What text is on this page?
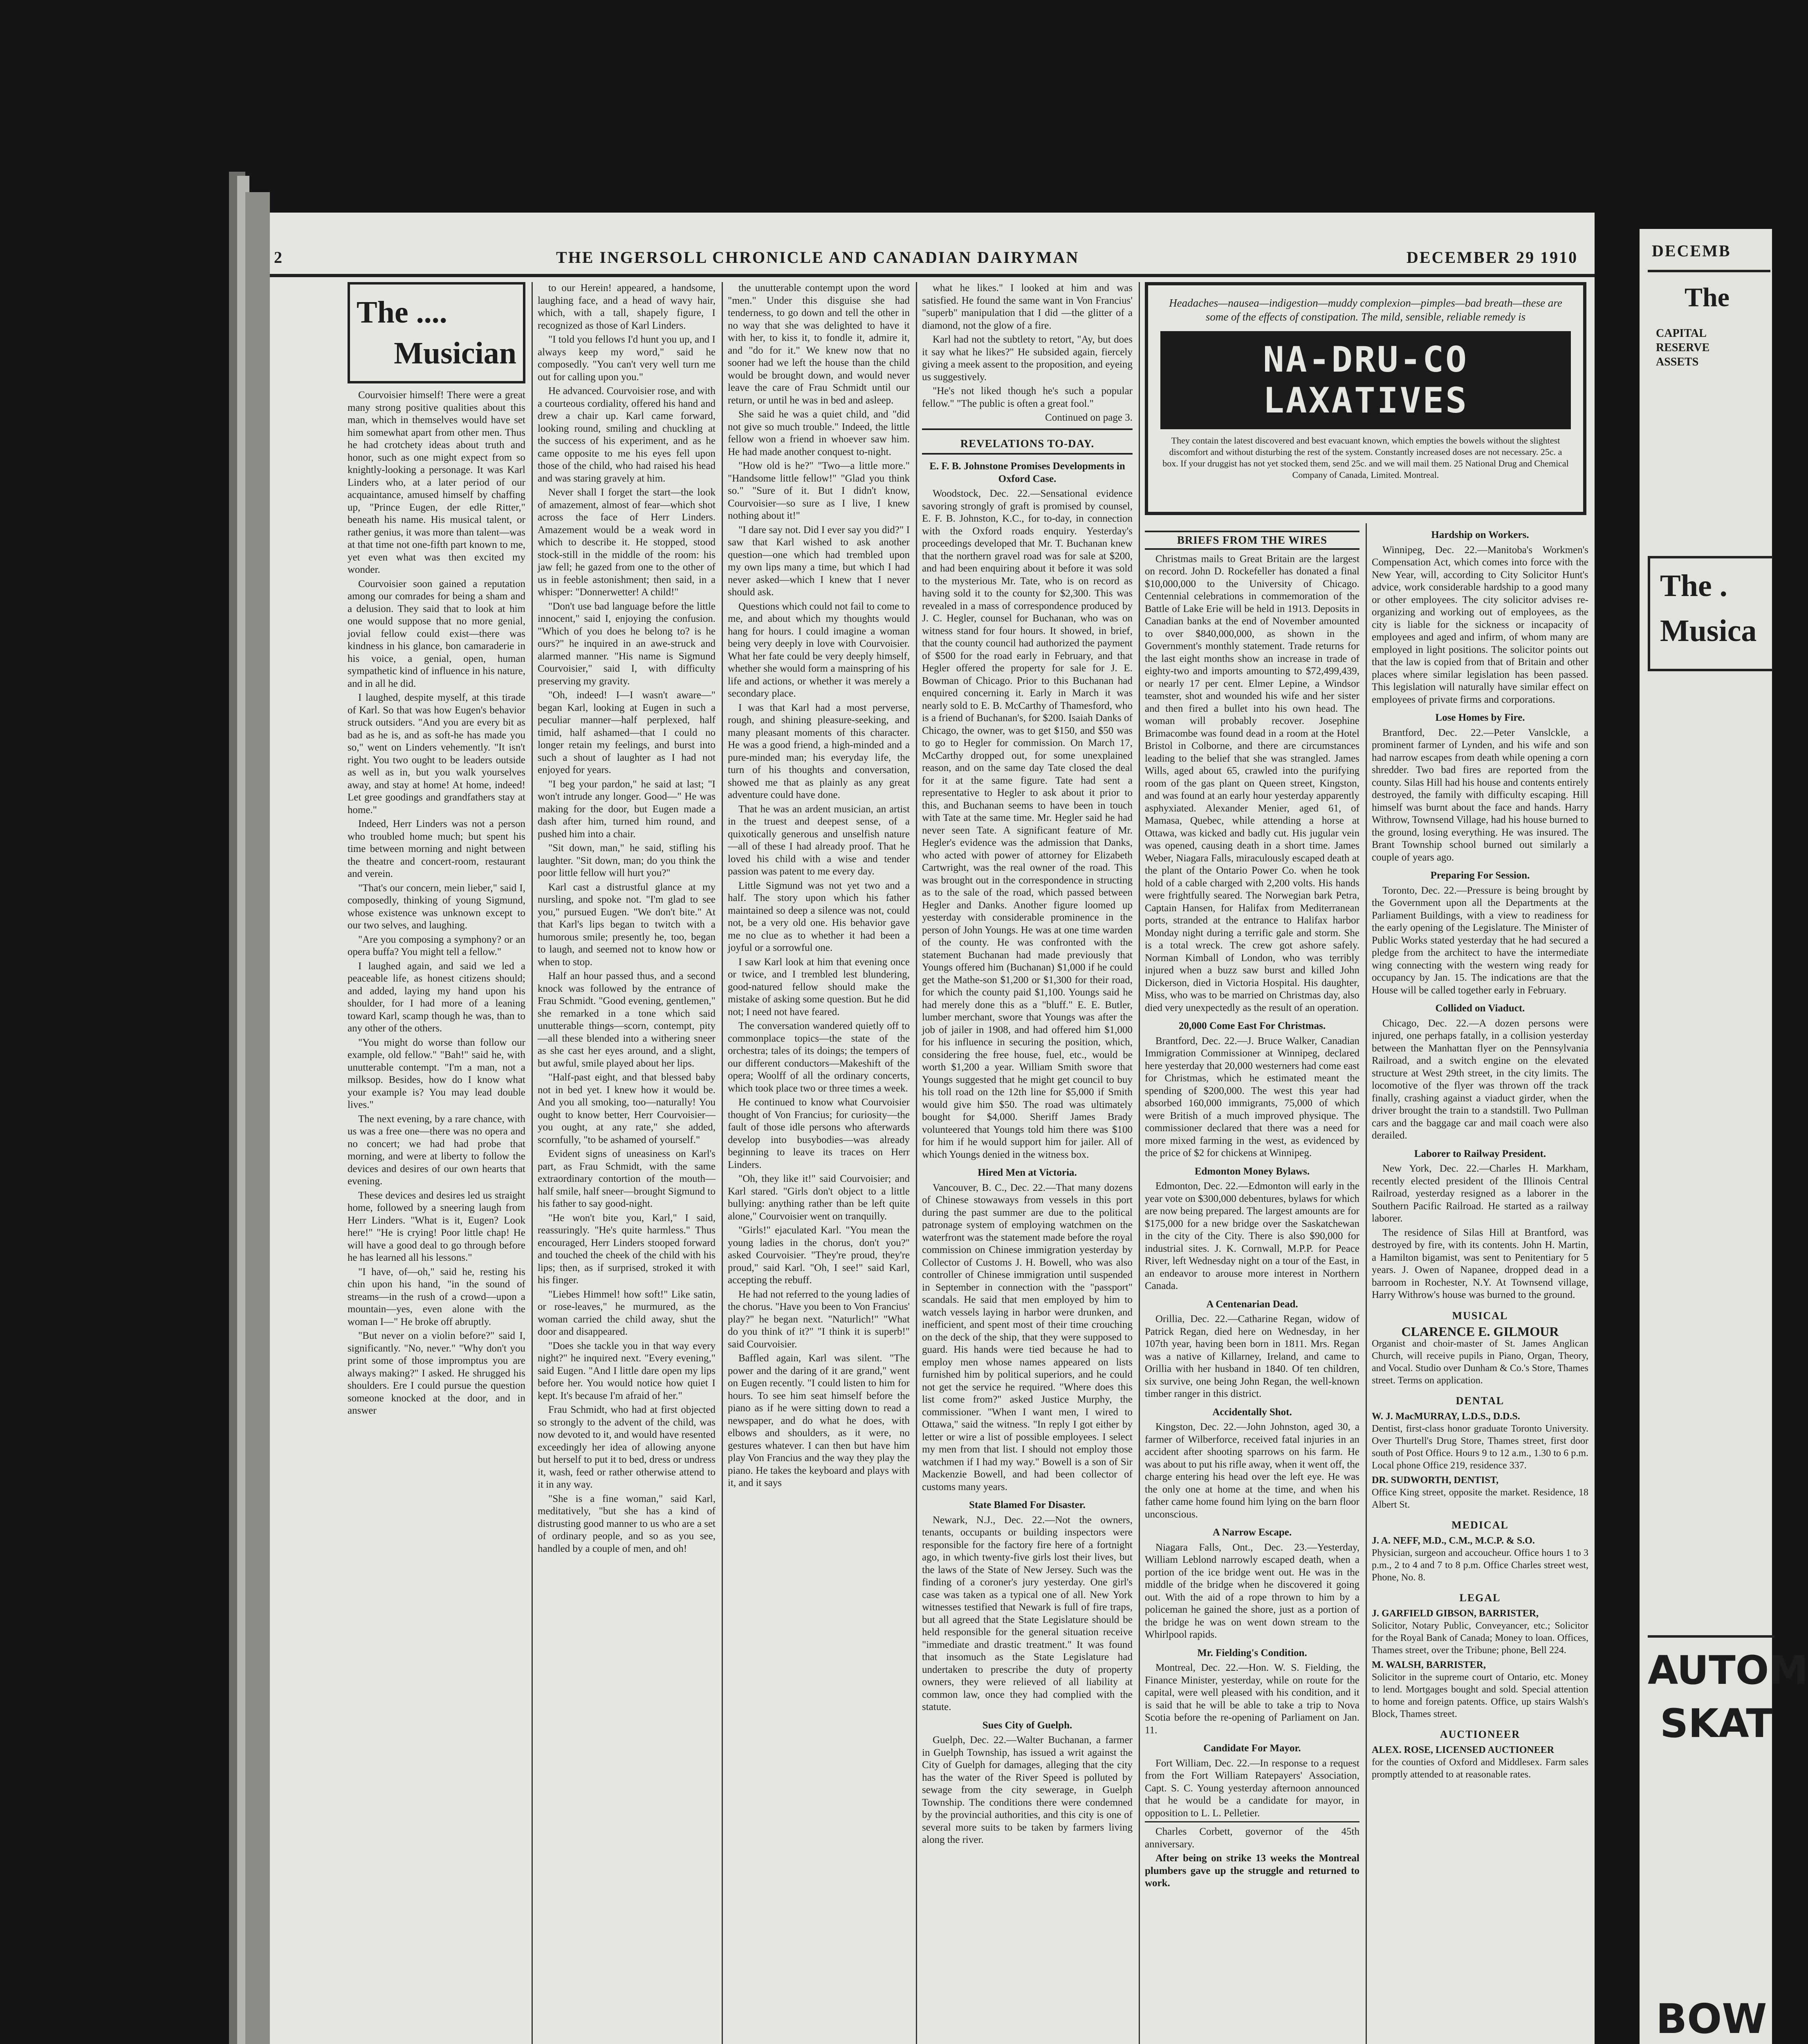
2	THE INGERSOLL CHRONICLE AND CANADIAN DAIRYMAN	DECEMBER 29 1910
The ....
Musician

Courvoisier himself! There were a great many strong positive qualities about this man, which in themselves would have set him somewhat apart from other men. Thus he had crotchety ideas about truth and honor, such as one might expect from so knightly-looking a personage. It was Karl Linders who, at a later period of our acquaintance, amused himself by chaffing up, "Prince Eugen, der edle Ritter," beneath his name. His musical talent, or rather genius, it was more than talent—was at that time not one-fifth part known to me, yet even what was then excited my wonder.

Courvoisier soon gained a reputation among our comrades for being a sham and a delusion. They said that to look at him one would suppose that no more genial, jovial fellow could exist—there was kindness in his glance, bon camaraderie in his voice, a genial, open, human sympathetic kind of influence in his nature, and in all he did.

I laughed, despite myself, at this tirade of Karl. So that was how Eugen's behavior struck outsiders. "And you are every bit as bad as he is, and as soft-he has made you so," went on Linders vehemently. "It isn't right. You two ought to be leaders outside as well as in, but you walk yourselves away, and stay at home! At home, indeed! Let gree goodings and grandfathers stay at home."

Indeed, Herr Linders was not a person who troubled home much; but spent his time between morning and night between the theatre and concert-room, restaurant and verein.

"That's our concern, mein lieber," said I, composedly, thinking of young Sigmund, whose existence was unknown except to our two selves, and laughing.

"Are you composing a symphony? or an opera buffa? You might tell a fellow."

I laughed again, and said we led a peaceable life, as honest citizens should; and added, laying my hand upon his shoulder, for I had more of a leaning toward Karl, scamp though he was, than to any other of the others.

"You might do worse than follow our example, old fellow." "Bah!" said he, with unutterable contempt. "I'm a man, not a milksop. Besides, how do I know what your example is? You may lead double lives."

The next evening, by a rare chance, with us was a free one—there was no opera and no concert; we had had probe that morning, and were at liberty to follow the devices and desires of our own hearts that evening.

These devices and desires led us straight home, followed by a sneering laugh from Herr Linders. "What is it, Eugen? Look here!" "He is crying! Poor little chap! He will have a good deal to go through before he has learned all his lessons."

"I have, of—oh," said he, resting his chin upon his hand, "in the sound of streams—in the rush of a crowd—upon a mountain—yes, even alone with the woman I—" He broke off abruptly.

"But never on a violin before?" said I, significantly. "No, never." "Why don't you print some of those impromptus you are always making?" I asked. He shrugged his shoulders. Ere I could pursue the question someone knocked at the door, and in answer

to our Herein! appeared, a handsome, laughing face, and a head of wavy hair, which, with a tall, shapely figure, I recognized as those of Karl Linders.

"I told you fellows I'd hunt you up, and I always keep my word," said he composedly. "You can't very well turn me out for calling upon you."

He advanced. Courvoisier rose, and with a courteous cordiality, offered his hand and drew a chair up. Karl came forward, looking round, smiling and chuckling at the success of his experiment, and as he came opposite to me his eyes fell upon those of the child, who had raised his head and was staring gravely at him.

Never shall I forget the start—the look of amazement, almost of fear—which shot across the face of Herr Linders. Amazement would be a weak word in which to describe it. He stopped, stood stock-still in the middle of the room: his jaw fell; he gazed from one to the other of us in feeble astonishment; then said, in a whisper: "Donnerwetter! A child!"

"Don't use bad language before the little innocent," said I, enjoying the confusion. "Which of you does he belong to? is he ours?" he inquired in an awe-struck and alarmed manner. "His name is Sigmund Courvoisier," said I, with difficulty preserving my gravity.

"Oh, indeed! I—I wasn't aware—" began Karl, looking at Eugen in such a peculiar manner—half perplexed, half timid, half ashamed—that I could no longer retain my feelings, and burst into such a shout of laughter as I had not enjoyed for years.

"I beg your pardon," he said at last; "I won't intrude any longer. Good—" He was making for the door, but Eugen made a dash after him, turned him round, and pushed him into a chair.

"Sit down, man," he said, stifling his laughter. "Sit down, man; do you think the poor little fellow will hurt you?"

Karl cast a distrustful glance at my nursling, and spoke not. "I'm glad to see you," pursued Eugen. "We don't bite." At that Karl's lips began to twitch with a humorous smile; presently he, too, began to laugh, and seemed not to know how or when to stop.

Half an hour passed thus, and a second knock was followed by the entrance of Frau Schmidt. "Good evening, gentlemen," she remarked in a tone which said unutterable things—scorn, contempt, pity—all these blended into a withering sneer as she cast her eyes around, and a slight, but awful, smile played about her lips.

"Half-past eight, and that blessed baby not in bed yet. I knew how it would be. And you all smoking, too—naturally! You ought to know better, Herr Courvoisier—you ought, at any rate," she added, scornfully, "to be ashamed of yourself."

Evident signs of uneasiness on Karl's part, as Frau Schmidt, with the same extraordinary contortion of the mouth—half smile, half sneer—brought Sigmund to his father to say good-night.

"He won't bite you, Karl," I said, reassuringly. "He's quite harmless." Thus encouraged, Herr Linders stooped forward and touched the cheek of the child with his lips; then, as if surprised, stroked it with his finger.

"Liebes Himmel! how soft!" Like satin, or rose-leaves," he murmured, as the woman carried the child away, shut the door and disappeared.

"Does she tackle you in that way every night?" he inquired next. "Every evening," said Eugen. "And I little dare open my lips before her. You would notice how quiet I kept. It's because I'm afraid of her."

Frau Schmidt, who had at first objected so strongly to the advent of the child, was now devoted to it, and would have resented exceedingly her idea of allowing anyone but herself to put it to bed, dress or undress it, wash, feed or rather otherwise attend to it in any way.

"She is a fine woman," said Karl, meditatively, "but she has a kind of distrusting good manner to us who are a set of ordinary people, and so as you see, handled by a couple of men, and oh!

the unutterable contempt upon the word "men." Under this disguise she had tenderness, to go down and tell the other in no way that she was delighted to have it with her, to kiss it, to fondle it, admire it, and "do for it." We knew now that no sooner had we left the house than the child would be brought down, and would never leave the care of Frau Schmidt until our return, or until he was in bed and asleep.

She said he was a quiet child, and "did not give so much trouble." Indeed, the little fellow won a friend in whoever saw him. He had made another conquest to-night.

"How old is he?" "Two—a little more." "Handsome little fellow!" "Glad you think so." "Sure of it. But I didn't know, Courvoisier—so sure as I live, I knew nothing about it!"

"I dare say not. Did I ever say you did?" I saw that Karl wished to ask another question—one which had trembled upon my own lips many a time, but which I had never asked—which I knew that I never should ask.

Questions which could not fail to come to me, and about which my thoughts would hang for hours. I could imagine a woman being very deeply in love with Courvoisier. What her fate could be very deeply himself, whether she would form a mainspring of his life and actions, or whether it was merely a secondary place.

I was that Karl had a most perverse, rough, and shining pleasure-seeking, and many pleasant moments of this character. He was a good friend, a high-minded and a pure-minded man; his everyday life, the turn of his thoughts and conversation, showed me that as plainly as any great adventure could have done.

That he was an ardent musician, an artist in the truest and deepest sense, of a quixotically generous and unselfish nature—all of these I had already proof. That he loved his child with a wise and tender passion was patent to me every day.

Little Sigmund was not yet two and a half. The story upon which his father maintained so deep a silence was not, could not, be a very old one. His behavior gave me no clue as to whether it had been a joyful or a sorrowful one.

I saw Karl look at him that evening once or twice, and I trembled lest blundering, good-natured fellow should make the mistake of asking some question. But he did not; I need not have feared.

The conversation wandered quietly off to commonplace topics—the state of the orchestra; tales of its doings; the tempers of our different conductors—Makeshift of the opera; Woolff of all the ordinary concerts, which took place two or three times a week.

He continued to know what Courvoisier thought of Von Francius; for curiosity—the fault of those idle persons who afterwards develop into busybodies—was already beginning to leave its traces on Herr Linders.

"Oh, they like it!" said Courvoisier; and Karl stared. "Girls don't object to a little bullying: anything rather than be left quite alone," Courvoisier went on tranquilly.

"Girls!" ejaculated Karl. "You mean the young ladies in the chorus, don't you?" asked Courvoisier. "They're proud, they're proud," said Karl. "Oh, I see!" said Karl, accepting the rebuff.

He had not referred to the young ladies of the chorus. "Have you been to Von Francius' play?" he began next. "Naturlich!" "What do you think of it?" "I think it is superb!" said Courvoisier.

Baffled again, Karl was silent. "The power and the daring of it are grand," went on Eugen recently. "I could listen to him for hours. To see him seat himself before the piano as if he were sitting down to read a newspaper, and do what he does, with elbows and shoulders, as it were, no gestures whatever. I can then but have him play Von Francius and the way they play the piano. He takes the keyboard and plays with it, and it says

what he likes." I looked at him and was satisfied. He found the same want in Von Francius' "superb" manipulation that I did —the glitter of a diamond, not the glow of a fire.

Karl had not the subtlety to retort, "Ay, but does it say what he likes?" He subsided again, fiercely giving a meek assent to the proposition, and eyeing us suggestively.

"He's not liked though he's such a popular fellow." "The public is often a great fool."

Continued on page 3.

REVELATIONS TO-DAY.
E. F. B. Johnstone Promises Developments in Oxford Case.

Woodstock, Dec. 22.—Sensational evidence savoring strongly of graft is promised by counsel, E. F. B. Johnston, K.C., for to-day, in connection with the Oxford roads enquiry. Yesterday's proceedings developed that Mr. T. Buchanan knew that the northern gravel road was for sale at $200, and had been enquiring about it before it was sold to the mysterious Mr. Tate, who is on record as having sold it to the county for $2,300. This was revealed in a mass of correspondence produced by J. C. Hegler, counsel for Buchanan, who was on witness stand for four hours. It showed, in brief, that the county council had authorized the payment of $500 for the road early in February, and that Hegler offered the property for sale for J. E. Bowman of Chicago. Prior to this Buchanan had enquired concerning it. Early in March it was nearly sold to E. B. McCarthy of Thamesford, who is a friend of Buchanan's, for $200. Isaiah Danks of Chicago, the owner, was to get $150, and $50 was to go to Hegler for commission. On March 17, McCarthy dropped out, for some unexplained reason, and on the same day Tate closed the deal for it at the same figure. Tate had sent a representative to Hegler to ask about it prior to this, and Buchanan seems to have been in touch with Tate at the same time. Mr. Hegler said he had never seen Tate. A significant feature of Mr. Hegler's evidence was the admission that Danks, who acted with power of attorney for Elizabeth Cartwright, was the real owner of the road. This was brought out in the correspondence in structing as to the sale of the road, which passed between Hegler and Danks. Another figure loomed up yesterday with considerable prominence in the person of John Youngs. He was at one time warden of the county. He was confronted with the statement Buchanan had made previously that Youngs offered him (Buchanan) $1,000 if he could get the Mathe-son $1,200 or $1,300 for their road, for which the county paid $1,100. Youngs said he had merely done this as a "bluff." E. E. Butler, lumber merchant, swore that Youngs was after the job of jailer in 1908, and had offered him $1,000 for his influence in securing the position, which, considering the free house, fuel, etc., would be worth $1,200 a year. William Smith swore that Youngs suggested that he might get council to buy his toll road on the 12th line for $5,000 if Smith would give him $50. The road was ultimately bought for $4,000. Sheriff James Brady volunteered that Youngs told him there was $100 for him if he would support him for jailer. All of which Youngs denied in the witness box.

Hired Men at Victoria.

Vancouver, B. C., Dec. 22.—That many dozens of Chinese stowaways from vessels in this port during the past summer are due to the political patronage system of employing watchmen on the waterfront was the statement made before the royal commission on Chinese immigration yesterday by Collector of Customs J. H. Bowell, who was also controller of Chinese immigration until suspended in September in connection with the "passport" scandals. He said that men employed by him to watch vessels laying in harbor were drunken, and inefficient, and spent most of their time crouching on the deck of the ship, that they were supposed to guard. His hands were tied because he had to employ men whose names appeared on lists furnished him by political superiors, and he could not get the service he required. "Where does this list come from?" asked Justice Murphy, the commissioner. "When I want men, I wired to Ottawa," said the witness. "In reply I got either by letter or wire a list of possible employees. I select my men from that list. I should not employ those watchmen if I had my way." Bowell is a son of Sir Mackenzie Bowell, and had been collector of customs many years.

State Blamed For Disaster.

Newark, N.J., Dec. 22.—Not the owners, tenants, occupants or building inspectors were responsible for the factory fire here of a fortnight ago, in which twenty-five girls lost their lives, but the laws of the State of New Jersey. Such was the finding of a coroner's jury yesterday. One girl's case was taken as a typical one of all. New York witnesses testified that Newark is full of fire traps, but all agreed that the State Legislature should be held responsible for the general situation receive "immediate and drastic treatment." It was found that insomuch as the State Legislature had undertaken to prescribe the duty of property owners, they were relieved of all liability at common law, once they had complied with the statute.

Sues City of Guelph.

Guelph, Dec. 22.—Walter Buchanan, a farmer in Guelph Township, has issued a writ against the City of Guelph for damages, alleging that the city has the water of the River Speed is polluted by sewage from the city sewerage, in Guelph Township. The conditions there were condemned by the provincial authorities, and this city is one of several more suits to be taken by farmers living along the river.

Headaches—nausea—indigestion—muddy complexion—pimples—bad breath—these are some of the effects of constipation. The mild, sensible, reliable remedy is
NA-DRU-CO LAXATIVES
They contain the latest discovered and best evacuant known, which empties the bowels without the slightest discomfort and without disturbing the rest of the system. Constantly increased doses are not necessary. 25c. a box. If your druggist has not yet stocked them, send 25c. and we will mail them. 25 National Drug and Chemical Company of Canada, Limited. Montreal.
BRIEFS FROM THE WIRES

Christmas mails to Great Britain are the largest on record. John D. Rockefeller has donated a final $10,000,000 to the University of Chicago. Centennial celebrations in commemoration of the Battle of Lake Erie will be held in 1913. Deposits in Canadian banks at the end of November amounted to over $840,000,000, as shown in the Government's monthly statement. Trade returns for the last eight months show an increase in trade of eighty-two and imports amounting to $72,499,439, or nearly 17 per cent. Elmer Lepine, a Windsor teamster, shot and wounded his wife and her sister and then fired a bullet into his own head. The woman will probably recover. Josephine Brimacombe was found dead in a room at the Hotel Bristol in Colborne, and there are circumstances leading to the belief that she was strangled. James Wills, aged about 65, crawled into the purifying room of the gas plant on Queen street, Kingston, and was found at an early hour yesterday apparently asphyxiated. Alexander Menier, aged 61, of Mamasa, Quebec, while attending a horse at Ottawa, was kicked and badly cut. His jugular vein was opened, causing death in a short time. James Weber, Niagara Falls, miraculously escaped death at the plant of the Ontario Power Co. when he took hold of a cable charged with 2,200 volts. His hands were frightfully seared. The Norwegian bark Petra, Captain Hansen, for Halifax from Mediterranean ports, stranded at the entrance to Halifax harbor Monday night during a terrific gale and storm. She is a total wreck. The crew got ashore safely. Norman Kimball of London, who was terribly injured when a buzz saw burst and killed John Dickerson, died in Victoria Hospital. His daughter, Miss, who was to be married on Christmas day, also died very unexpectedly as the result of an operation.

20,000 Come East For Christmas.

Brantford, Dec. 22.—J. Bruce Walker, Canadian Immigration Commissioner at Winnipeg, declared here yesterday that 20,000 westerners had come east for Christmas, which he estimated meant the spending of $200,000. The west this year had absorbed 160,000 immigrants, 75,000 of which were British of a much improved physique. The commissioner declared that there was a need for more mixed farming in the west, as evidenced by the price of $2 for chickens at Winnipeg.

Edmonton Money Bylaws.

Edmonton, Dec. 22.—Edmonton will early in the year vote on $300,000 debentures, bylaws for which are now being prepared. The largest amounts are for $175,000 for a new bridge over the Saskatchewan in the city of the City. There is also $90,000 for industrial sites. J. K. Cornwall, M.P.P. for Peace River, left Wednesday night on a tour of the East, in an endeavor to arouse more interest in Northern Canada.

A Centenarian Dead.

Orillia, Dec. 22.—Catharine Regan, widow of Patrick Regan, died here on Wednesday, in her 107th year, having been born in 1811. Mrs. Regan was a native of Killarney, Ireland, and came to Orillia with her husband in 1840. Of ten children, six survive, one being John Regan, the well-known timber ranger in this district.

Accidentally Shot.

Kingston, Dec. 22.—John Johnston, aged 30, a farmer of Wilberforce, received fatal injuries in an accident after shooting sparrows on his farm. He was about to put his rifle away, when it went off, the charge entering his head over the left eye. He was the only one at home at the time, and when his father came home found him lying on the barn floor unconscious.

A Narrow Escape.

Niagara Falls, Ont., Dec. 23.—Yesterday, William Leblond narrowly escaped death, when a portion of the ice bridge went out. He was in the middle of the bridge when he discovered it going out. With the aid of a rope thrown to him by a policeman he gained the shore, just as a portion of the bridge he was on went down stream to the Whirlpool rapids.

Mr. Fielding's Condition.

Montreal, Dec. 22.—Hon. W. S. Fielding, the Finance Minister, yesterday, while on route for the capital, were well pleased with his condition, and it is said that he will be able to take a trip to Nova Scotia before the re-opening of Parliament on Jan. 11.

Candidate For Mayor.

Fort William, Dec. 22.—In response to a request from the Fort William Ratepayers' Association, Capt. S. C. Young yesterday afternoon announced that he would be a candidate for mayor, in opposition to L. L. Pelletier.

Charles Corbett, governor of the 45th anniversary.

After being on strike 13 weeks the Montreal plumbers gave up the struggle and returned to work.

Hardship on Workers.

Winnipeg, Dec. 22.—Manitoba's Workmen's Compensation Act, which comes into force with the New Year, will, according to City Solicitor Hunt's advice, work considerable hardship to a good many or other employees. The city solicitor advises re-organizing and working out of employees, as the city is liable for the sickness or incapacity of employees and aged and infirm, of whom many are employed in light positions. The solicitor points out that the law is copied from that of Britain and other places where similar legislation has been passed. This legislation will naturally have similar effect on employees of private firms and corporations.

Lose Homes by Fire.

Brantford, Dec. 22.—Peter Vanslckle, a prominent farmer of Lynden, and his wife and son had narrow escapes from death while opening a corn shredder. Two bad fires are reported from the county. Silas Hill had his house and contents entirely destroyed, the family with difficulty escaping. Hill himself was burnt about the face and hands. Harry Withrow, Townsend Village, had his house burned to the ground, losing everything. He was insured. The Brant Township school burned out similarly a couple of years ago.

Preparing For Session.

Toronto, Dec. 22.—Pressure is being brought by the Government upon all the Departments at the Parliament Buildings, with a view to readiness for the early opening of the Legislature. The Minister of Public Works stated yesterday that he had secured a pledge from the architect to have the intermediate wing connecting with the western wing ready for occupancy by Jan. 15. The indications are that the House will be called together early in February.

Collided on Viaduct.

Chicago, Dec. 22.—A dozen persons were injured, one perhaps fatally, in a collision yesterday between the Manhattan flyer on the Pennsylvania Railroad, and a switch engine on the elevated structure at West 29th street, in the city limits. The locomotive of the flyer was thrown off the track finally, crashing against a viaduct girder, when the driver brought the train to a standstill. Two Pullman cars and the baggage car and mail coach were also derailed.

Laborer to Railway President.

New York, Dec. 22.—Charles H. Markham, recently elected president of the Illinois Central Railroad, yesterday resigned as a laborer in the Southern Pacific Railroad. He started as a railway laborer.

The residence of Silas Hill at Brantford, was destroyed by fire, with its contents. John H. Martin, a Hamilton bigamist, was sent to Penitentiary for 5 years. J. Owen of Napanee, dropped dead in a barroom in Rochester, N.Y. At Townsend village, Harry Withrow's house was burned to the ground.

MUSICAL
CLARENCE E. GILMOUR
Organist and choir-master of St. James Anglican Church, will receive pupils in Piano, Organ, Theory, and Vocal. Studio over Dunham & Co.'s Store, Thames street. Terms on application.
DENTAL
W. J. MacMURRAY, L.D.S., D.D.S.
Dentist, first-class honor graduate Toronto University. Over Thurtell's Drug Store, Thames street, first door south of Post Office. Hours 9 to 12 a.m., 1.30 to 6 p.m. Local phone Office 219, residence 337.
DR. SUDWORTH, DENTIST,
Office King street, opposite the market. Residence, 18 Albert St.
MEDICAL
J. A. NEFF, M.D., C.M., M.C.P. & S.O.
Physician, surgeon and accoucheur. Office hours 1 to 3 p.m., 2 to 4 and 7 to 8 p.m. Office Charles street west, Phone, No. 8.
LEGAL
J. GARFIELD GIBSON, BARRISTER,
Solicitor, Notary Public, Conveyancer, etc.; Solicitor for the Royal Bank of Canada; Money to loan. Offices, Thames street, over the Tribune; phone, Bell 224.
M. WALSH, BARRISTER,
Solicitor in the supreme court of Ontario, etc. Money to lend. Mortgages bought and sold. Special attention to home and foreign patents. Office, up stairs Walsh's Block, Thames street.
AUCTIONEER
ALEX. ROSE, LICENSED AUCTIONEER
for the counties of Oxford and Middlesex. Farm sales promptly attended to at reasonable rates.
DECEMB
The
CAPITAL
RESERVE
ASSETS
The .
Musica
AUTOM
SKAT
BOW
